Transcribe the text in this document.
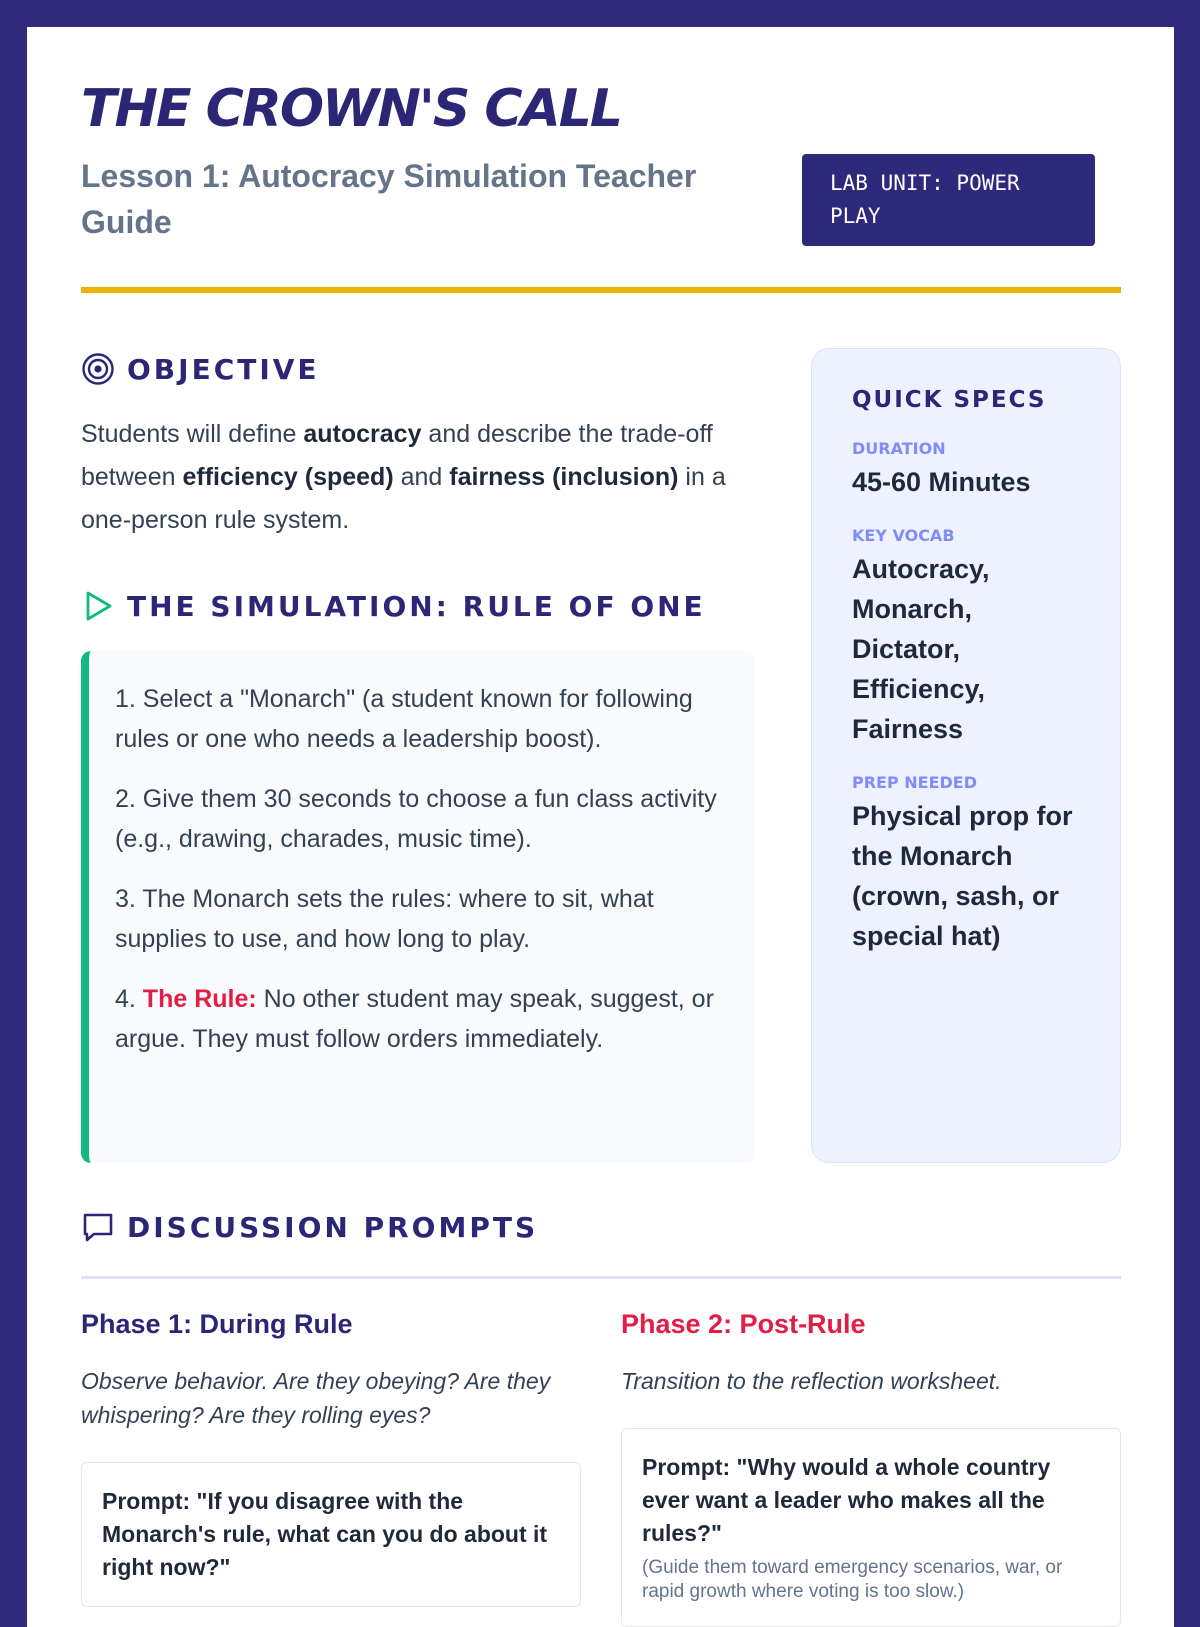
THE CROWN'S CALL
Lesson 1: Autocracy Simulation Teacher Guide
LAB UNIT: POWER PLAY
OBJECTIVE
Students will define autocracy and describe the trade-off between efficiency (speed) and fairness (inclusion) in a one-person rule system.
THE SIMULATION: RULE OF ONE

1. Select a "Monarch" (a student known for following rules or one who needs a leadership boost).

2. Give them 30 seconds to choose a fun class activity (e.g., drawing, charades, music time).

3. The Monarch sets the rules: where to sit, what supplies to use, and how long to play.

4. The Rule: No other student may speak, suggest, or argue. They must follow orders immediately.

QUICK SPECS
DURATION
45-60 Minutes
KEY VOCAB
Autocracy, Monarch, Dictator, Efficiency, Fairness
PREP NEEDED
Physical prop for the Monarch (crown, sash, or special hat)
DISCUSSION PROMPTS
Phase 1: During Rule
Observe behavior. Are they obeying? Are they whispering? Are they rolling eyes?
Prompt: "If you disagree with the Monarch's rule, what can you do about it right now?"
Phase 2: Post-Rule
Transition to the reflection worksheet.
Prompt: "Why would a whole country ever want a leader who makes all the rules?"
(Guide them toward emergency scenarios, war, or rapid growth where voting is too slow.)
